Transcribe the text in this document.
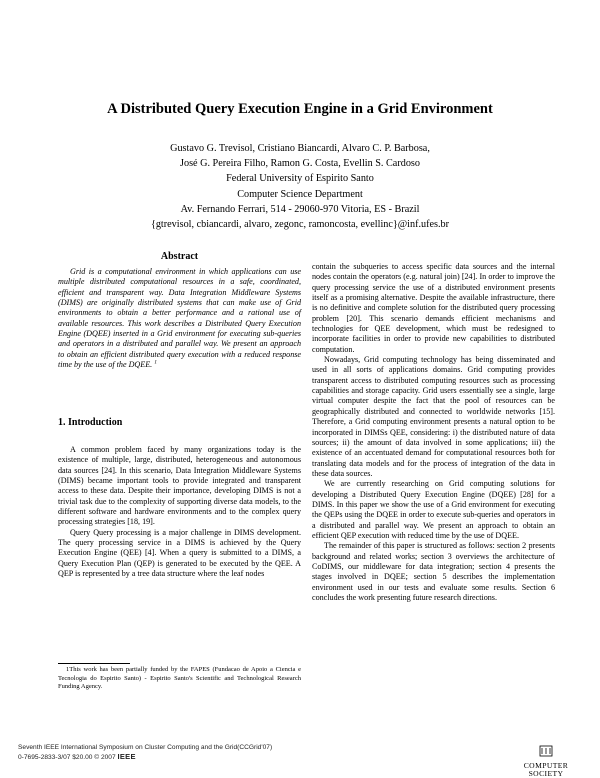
A Distributed Query Execution Engine in a Grid Environment
Gustavo G. Trevisol, Cristiano Biancardi, Alvaro C. P. Barbosa,
José G. Pereira Filho, Ramon G. Costa, Evellin S. Cardoso
Federal University of Espirito Santo
Computer Science Department
Av. Fernando Ferrari, 514 - 29060-970 Vitoria, ES - Brazil
{gtrevisol, cbiancardi, alvaro, zegonc, ramoncosta, evellinc}@inf.ufes.br
Abstract

Grid is a computational environment in which applications can use multiple distributed computational resources in a safe, coordinated, efficient and transparent way. Data Integration Middleware Systems (DIMS) are originally distributed systems that can make use of Grid environments to obtain a better performance and a rational use of available resources. This work describes a Distributed Query Execution Engine (DQEE) inserted in a Grid environment for executing sub-queries and operators in a distributed and parallel way. We present an approach to obtain an efficient distributed query execution with a reduced response time by the use of the DQEE. $^1$

1. Introduction

A common problem faced by many organizations today is the existence of multiple, large, distributed, heterogeneous and autonomous data sources [24]. In this scenario, Data Integration Middleware Systems (DIMS) became important tools to provide integrated and transparent access to these data. Despite their importance, developing DIMS is not a trivial task due to the complexity of supporting diverse data models, to the different software and hardware environments and to the complex query processing strategies [18, 19].

Query Query processing is a major challenge in DIMS development. The query processing service in a DIMS is achieved by the Query Execution Engine (QEE) [4]. When a query is submitted to a DIMS, a Query Execution Plan (QEP) is generated to be executed by the QEE. A QEP is represented by a tree data structure where the leaf nodes

contain the subqueries to access specific data sources and the internal nodes contain the operators (e.g. natural join) [24]. In order to improve the query processing service the use of a distributed environment presents itself as a promising alternative. Despite the available infrastructure, there is no definitive and complete solution for the distributed query processing problem [20]. This scenario demands efficient mechanisms and technologies for QEE development, which must be redesigned to incorporate facilities in order to provide new capabilities to distributed computation.

Nowadays, Grid computing technology has being disseminated and used in all sorts of applications domains. Grid computing provides transparent access to distributed computing resources such as processing capabilities and storage capacity. Grid users essentially see a single, large virtual computer despite the fact that the pool of resources can be geographically distributed and connected to worldwide networks [15]. Therefore, a Grid computing environment presents a natural option to be incorporated in DIMSs QEE, considering: i) the distributed nature of data sources; ii) the amount of data involved in some applications; iii) the existence of an accentuated demand for computational resources both for translating data models and for the process of integration of the data in these data sources.

We are currently researching on Grid computing solutions for developing a Distributed Query Execution Engine (DQEE) [28] for a DIMS. In this paper we show the use of a Grid environment for executing the QEPs using the DQEE in order to execute sub-queries and operators in a distributed and parallel way. We present an approach to obtain an efficient QEP execution with reduced time by the use of DQEE.

The remainder of this paper is structured as follows: section 2 presents background and related works; section 3 overviews the architecture of CoDIMS, our middleware for data integration; section 4 presents the stages involved in DQEE; section 5 describes the implementation environment used in our tests and evaluate some results. Section 6 concludes the work presenting future research directions.

1This work has been partially funded by the FAPES (Fundacao de Apoio a Ciencia e Tecnologia do Espirito Santo) - Espirito Santo's Scientific and Technological Research Funding Agency.

Seventh IEEE International Symposium on Cluster Computing and the Grid(CCGrid'07)
0-7695-2833-3/07 $20.00 © 2007 IEEE
COMPUTER
SOCIETY
